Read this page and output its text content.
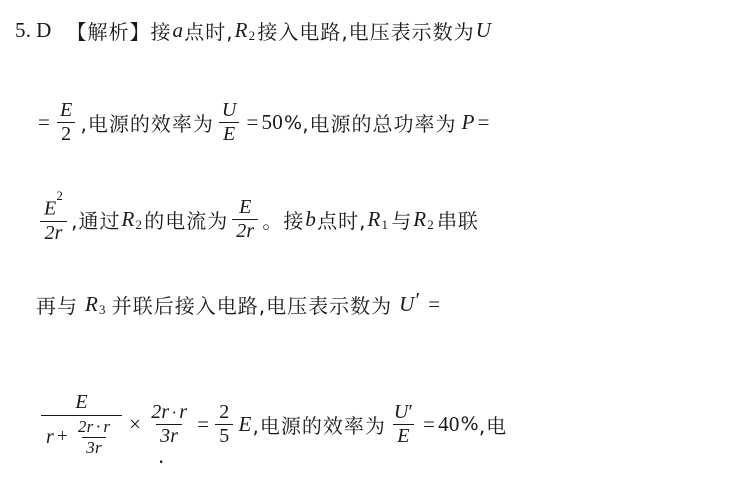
5. D 【解析】接 a 点时, R 2 接入电路,电压表示数为 U
= $\frac{E}{2}$ ,电源的效率为 $\frac{U}{E} = 50$ % ,电源的总功率为 P =
$\frac{E^2}{2r}$ ,通过 R 2 的电流为 $\frac{E}{2r}$ 。接 b 点时, R 1 与 R 2 串联
再与 R 3 并联后接入电路,电压表示数为 U ′ =
$\frac{E}{r + \frac{2r \cdot r}{3r}} \times \frac{2r \cdot r}{3r} = \frac{2}{5}$ E ,电源的效率为 $\frac{U'}{E} = 40$ % ,电
.
